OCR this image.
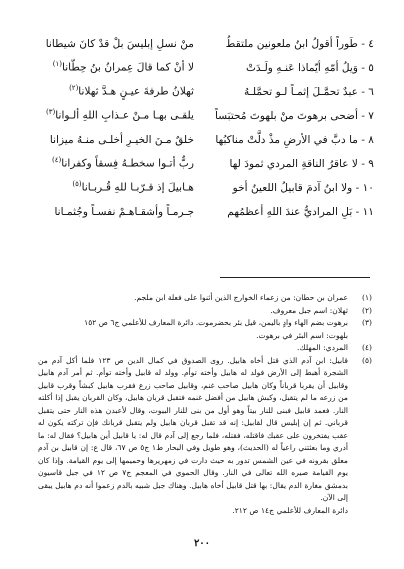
٤ - طَوراً أقولُ ابنُ ملعونين ملتقطُ
منْ نسلِ إبليسَ بلْ قدْ كانَ شيطانا
٥ - وَيلُ أمّهِ أيّماذا عَنـهِ ولَـدَتْ
لا أنْ كما قالَ عِمرانُ بنُ حِطّانا$^{(١)}$
٦ - عبدٌ تحمَّـلَ إثمـاً لـو تحمَّلـهُ
ثهلانُ طرفةَ عيـنٍ هـدَّ ثهلانا$^{(٢)}$
٧ - أضحى برهوتَ منْ بلهوتَ مُحتبَساً
يلقـى بهـا مـنْ عـذابِ اللهِ ألـوانا$^{(٣)}$
٨ - ما دبَّ في الأرضِ مذْ دلَّتْ مناكبُها
خلقٌ مـنَ الخيـرِ أخلـى منـهُ ميزانا
٩ - لا عاقرُ الناقةِ المردي ثمودَ لها
ربٌّ أتـوا سخطـهُ فِسقاً وكفرانا$^{(٤)}$
١٠ - ولا ابنُ آدمَ قابيلُ اللعينُ أخو
هـابيلَ إذ قـرّبـا للهِ قُـربـانا$^{(٥)}$
١١ - بَلِ المراديُّ عندَ اللهِ أعظمُهم
جـرمـاً وأشقـاهـمْ نفسـاً وجُثمـانا
(١)
عمران بن حطان: من زعماء الخوارج الذين أثنوا على فعلة ابن ملجم.
(٢)
ثهلان: اسم جبل معروف.
(٣)
برهوت بضم الهاء وادٍ باليمن، قيل بئر بحضرموت. دائرة المعارف للأعلمي ج٦ ص ١٥٢
بلهوت: اسم البئر في برهوت.
(٤)
المردي: المهلك.
(٥)
قابيل: ابن آدم الذي قتل أخاه هابيل. روى الصدوق في كمال الدين ص ١٢٣ فلما أكل آدم من الشجرة أهبط إلى الأرض فولد له هابيل وأخته توأم. وولد له قابيل وأخته توأم. ثم أمر آدم هابيل وقابيل أن يقربا قرباناً وكان هابيل صاحب غنم، وقابيل صاحب زرع فقرب هابيل كبشاً وقرب قابيل من زرعه ما لم يتقبل، وكبش هابيل من أفضل غنمه فتقبل قربان هابيل، وكان القربان يقبل إذا أكلته النار. فعمد قابيل فبنى للنار بيتاً وهو أول من بنى للنار البيوت، وقال لأعبدن هذه النار حتى يتقبل قرباني. ثم إن إبليس قال لقابيل: إنه قد تقبل قربان هابيل ولم يتقبل قربانك فإن تركته يكون له عقب يفتخرون على عقبك فاقتله، فقتله، فلما رجع إلى آدم قال له: يا قابيل أين هابيل؟ فقال له: ما أدري وما بعثتني راعياً له (الحديث)، وهو طويل وفي البحار ط١ ج٥ ص ٦٧، قال ع: إن قابيل بن آدم معلق بقرونه في عين الشمس تدور به حيث دارت في زمهريرها وحميمها إلى يوم القيامة. وإذا كان يوم القيامة صيره الله تعالى في النار. وقال الحموي في المعجم ج٧ ص ١٢ في جبل قاسيون بدمشق مغارة الدم يقال: بها قتل قابيل أخاه هابيل. وهناك جبل شبيه بالدم زعموا أنه دم هابيل يبقى إلى الآن.
دائرة المعارف للأعلمي ج١٤ ص ٢١٢.
٢٠٠
